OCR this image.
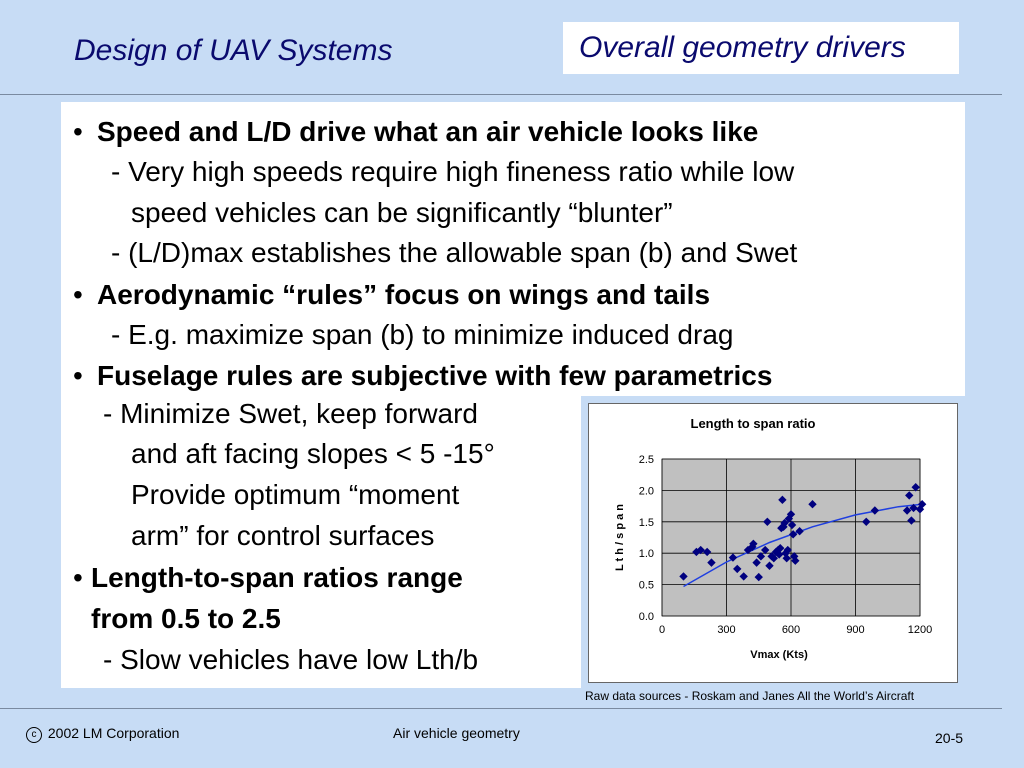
Design of UAV Systems	Overall geometry drivers
• Speed and L/D drive what an air vehicle looks like
- Very high speeds require high fineness ratio while low
speed vehicles can be significantly “blunter”
- (L/D)max establishes the allowable span (b) and Swet
• Aerodynamic “rules” focus on wings and tails
- E.g. maximize span (b) to minimize induced drag
• Fuselage rules are subjective with few parametrics
- Minimize Swet, keep forward
and aft facing slopes < 5 -15°
Provide optimum “moment
arm” for control surfaces
• Length-to-span ratios range
from 0.5 to 2.5
- Slow vehicles have low Lth/b
0.0
0.5
1.0
1.5
2.0
2.5
0	300	600	900	1200
Length to span ratio
Vmax (Kts)
L t h / s p a n
Raw data sources - Roskam and Janes All the World’s Aircraft
c 2002 LM Corporation	Air vehicle geometry	20-5
